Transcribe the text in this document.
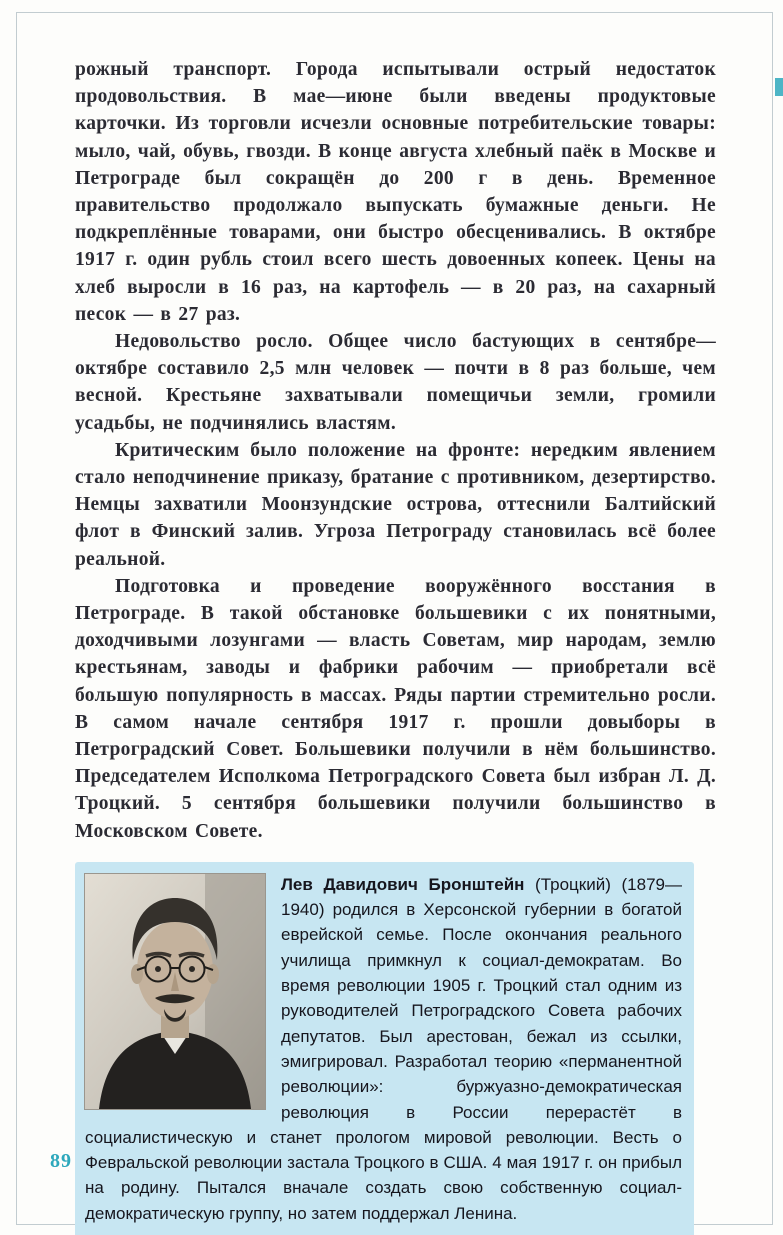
рожный транспорт. Города испытывали острый недостаток продовольствия. В мае—июне были введены продуктовые карточки. Из торговли исчезли основные потребительские товары: мыло, чай, обувь, гвозди. В конце августа хлебный паёк в Москве и Петрограде был сокращён до 200 г в день. Временное правительство продолжало выпускать бумажные деньги. Не подкреплённые товарами, они быстро обесценивались. В октябре 1917 г. один рубль стоил всего шесть довоенных копеек. Цены на хлеб выросли в 16 раз, на картофель — в 20 раз, на сахарный песок — в 27 раз.

Недовольство росло. Общее число бастующих в сентябре—октябре составило 2,5 млн человек — почти в 8 раз больше, чем весной. Крестьяне захватывали помещичьи земли, громили усадьбы, не подчинялись властям.

Критическим было положение на фронте: нередким явлением стало неподчинение приказу, братание с противником, дезертирство. Немцы захватили Моонзундские острова, оттеснили Балтийский флот в Финский залив. Угроза Петрограду становилась всё более реальной.

Подготовка и проведение вооружённого восстания в Петрограде. В такой обстановке большевики с их понятными, доходчивыми лозунгами — власть Советам, мир народам, землю крестьянам, заводы и фабрики рабочим — приобретали всё большую популярность в массах. Ряды партии стремительно росли. В самом начале сентября 1917 г. прошли довыборы в Петроградский Совет. Большевики получили в нём большинство. Председателем Исполкома Петроградского Совета был избран Л. Д. Троцкий. 5 сентября большевики получили большинство в Московском Совете.

Лев Давидович Бронштейн (Троцкий) (1879—1940) родился в Херсонской губернии в богатой еврейской семье. После окончания реального училища примкнул к социал-демократам. Во время революции 1905 г. Троцкий стал одним из руководителей Петроградского Совета рабочих депутатов. Был арестован, бежал из ссылки, эмигрировал. Разработал теорию «перманентной революции»: буржуазно-демократическая революция в России перерастёт в социалистическую и станет прологом мировой революции. Весть о Февральской революции застала Троцкого в США. 4 мая 1917 г. он прибыл на родину. Пытался вначале создать свою собственную социал-демократическую группу, но затем поддержал Ленина.

89
